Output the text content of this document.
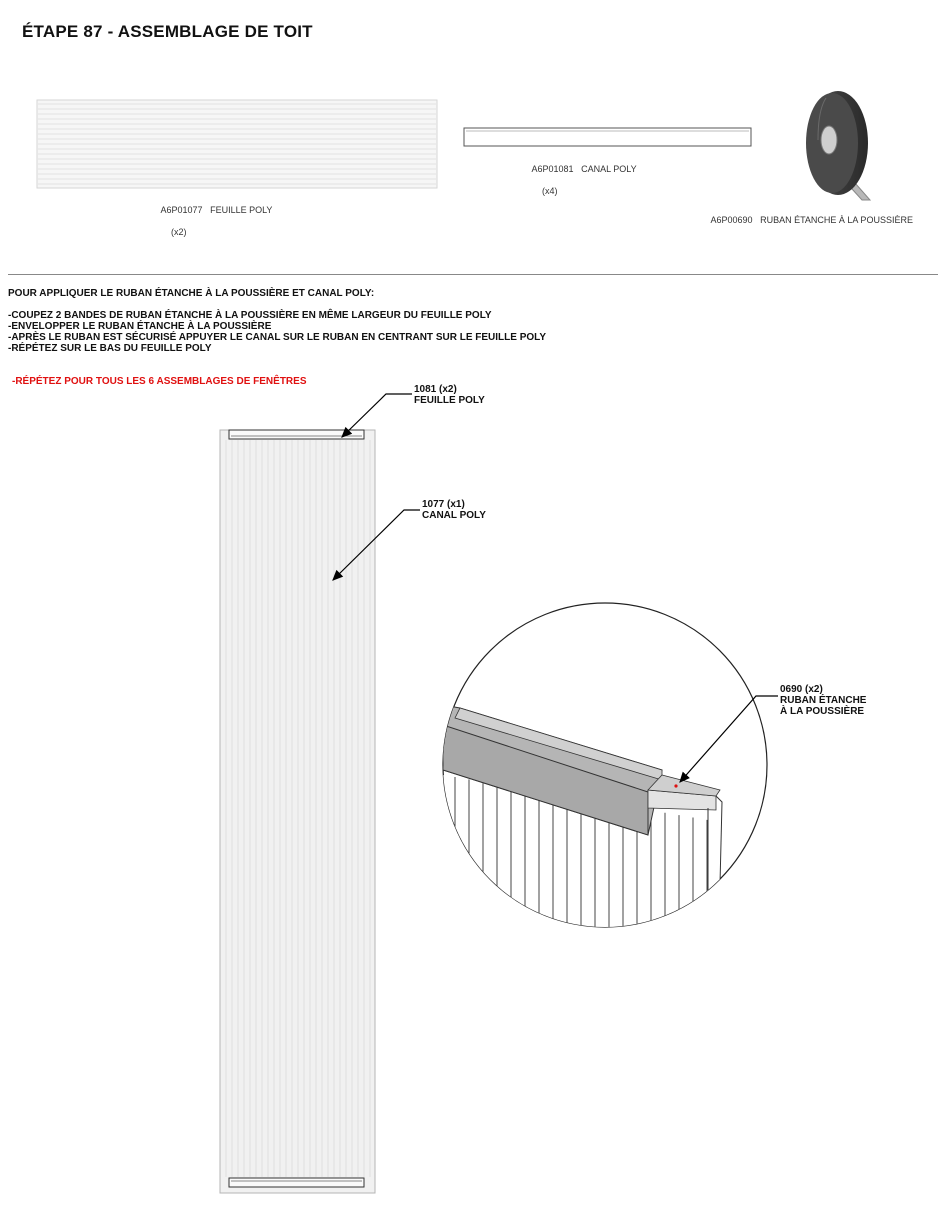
ÉTAPE 87 - ASSEMBLAGE DE TOIT

A6P01077 FEUILLE POLY

(x2)

A6P01081 CANAL POLY

(x4)

A6P00690 RUBAN ÉTANCHE À LA POUSSIÈRE

POUR APPLIQUER LE RUBAN ÉTANCHE À LA POUSSIÈRE ET CANAL POLY:
-COUPEZ 2 BANDES DE RUBAN ÉTANCHE À LA POUSSIÈRE EN MÊME LARGEUR DU FEUILLE POLY
-ENVELOPPER LE RUBAN ÉTANCHE À LA POUSSIÈRE
-APRÈS LE RUBAN EST SÉCURISÉ APPUYER LE CANAL SUR LE RUBAN EN CENTRANT SUR LE FEUILLE POLY
-RÉPÉTEZ SUR LE BAS DU FEUILLE POLY
-RÉPÉTEZ POUR TOUS LES 6 ASSEMBLAGES DE FENÊTRES
1081 (x2)
FEUILLE POLY
1077 (x1)
CANAL POLY
0690 (x2)
RUBAN ÉTANCHE
À LA POUSSIÈRE
